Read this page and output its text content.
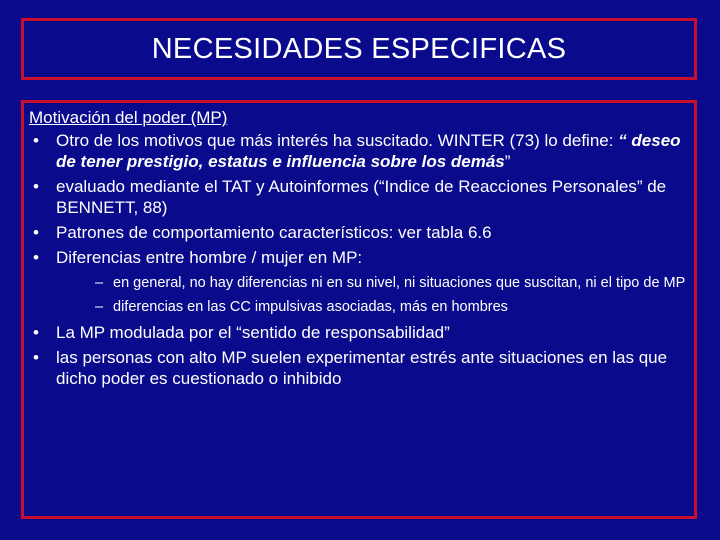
NECESIDADES ESPECIFICAS
Motivación del poder (MP)
• Otro de los motivos que más interés ha suscitado. WINTER (73) lo define: “ deseo de tener prestigio, estatus e influencia sobre los demás”
• evaluado mediante el TAT y Autoinformes (“Indice de Reacciones Personales” de BENNETT, 88)
• Patrones de comportamiento característicos: ver tabla 6.6
• Diferencias entre hombre / mujer en MP:
– en general, no hay diferencias ni en su nivel, ni situaciones que suscitan, ni el tipo de MP
– diferencias en las CC impulsivas asociadas, más en hombres
• La MP modulada por el “sentido de responsabilidad”
• las personas con alto MP suelen experimentar estrés ante situaciones en las que dicho poder es cuestionado o inhibido
